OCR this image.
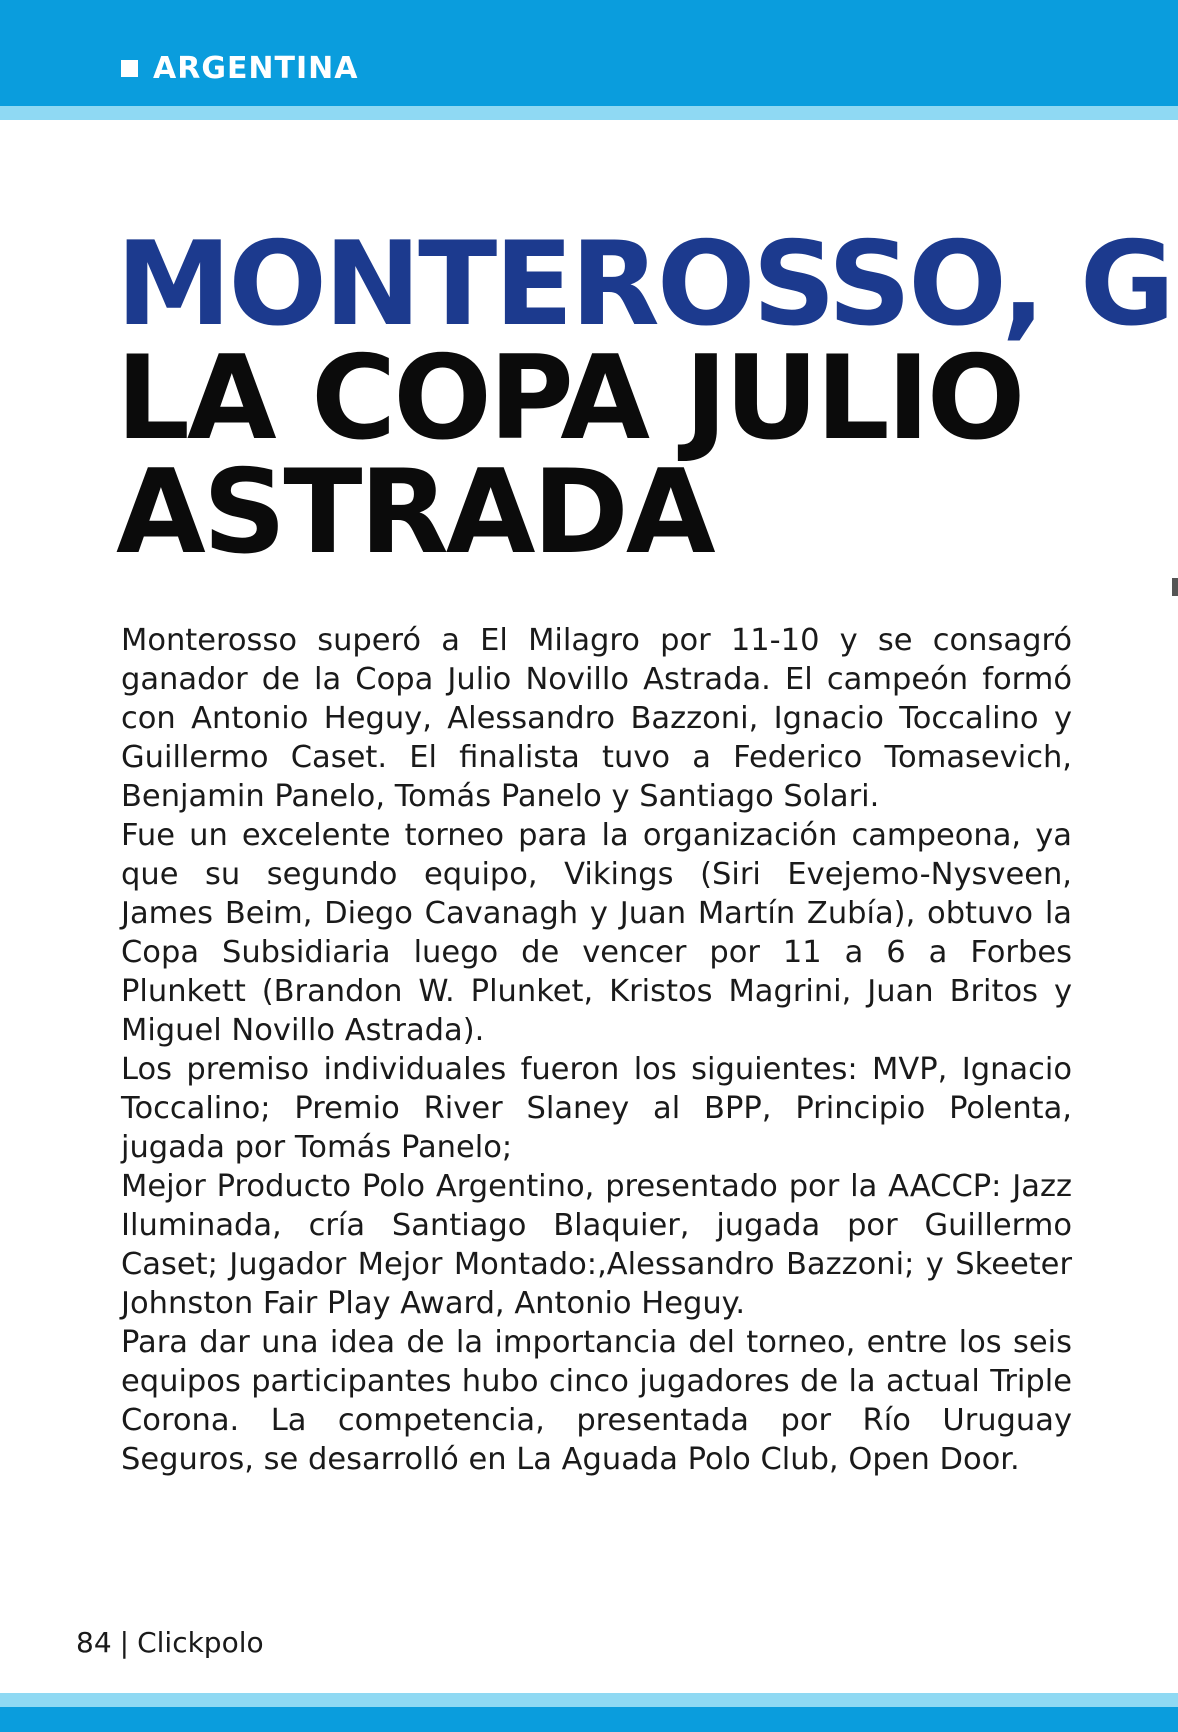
ARGENTINA
MONTEROSSO, G
LA COPA JULIO
ASTRADA

Monterosso superó a El Milagro por 11-10 y se consagró ganador de la Copa Julio Novillo Astrada. El campeón formó con Antonio Heguy, Alessandro Bazzoni, Ignacio Toccalino y Guillermo Caset. El finalista tuvo a Federico Tomasevich, Benjamin Panelo, Tomás Panelo y Santiago Solari.

Fue un excelente torneo para la organización campeona, ya que su segundo equipo, Vikings (Siri Evejemo-Nysveen, James Beim, Diego Cavanagh y Juan Martín Zubía), obtuvo la Copa Subsidiaria luego de vencer por 11 a 6 a Forbes Plunkett (Brandon W. Plunket, Kristos Magrini, Juan Britos y Miguel Novillo Astrada).

Los premiso individuales fueron los siguientes: MVP, Ignacio Toccalino; Premio River Slaney al BPP, Principio Polenta, jugada por Tomás Panelo;

Mejor Producto Polo Argentino, presentado por la AACCP: Jazz Iluminada, cría Santiago Blaquier, jugada por Guillermo Caset; Jugador Mejor Montado:,Alessandro Bazzoni; y Skeeter Johnston Fair Play Award, Antonio Heguy.

Para dar una idea de la importancia del torneo, entre los seis equipos participantes hubo cinco jugadores de la actual Triple Corona. La competencia, presentada por Río Uruguay Seguros, se desarrolló en La Aguada Polo Club, Open Door.

84 | Clickpolo
